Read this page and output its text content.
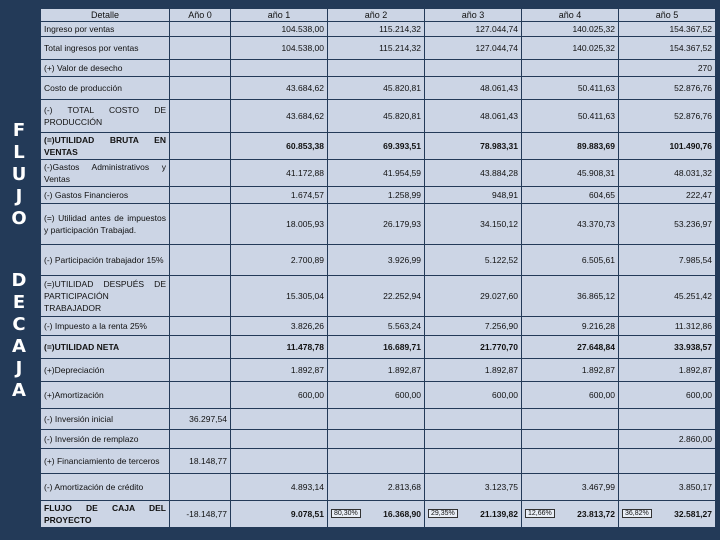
F
L
U
J
O
D
E
C
A
J
A
Detalle	Año 0	año 1	año 2	año 3	año 4	año 5
Ingreso por ventas		104.538,00	115.214,32	127.044,74	140.025,32	154.367,52
Total ingresos por ventas		104.538,00	115.214,32	127.044,74	140.025,32	154.367,52
(+) Valor de desecho						270
Costo de producción		43.684,62	45.820,81	48.061,43	50.411,63	52.876,76
(-) TOTAL COSTO DE PRODUCCIÓN		43.684,62	45.820,81	48.061,43	50.411,63	52.876,76
(=)UTILIDAD BRUTA EN VENTAS		60.853,38	69.393,51	78.983,31	89.883,69	101.490,76
(-)Gastos Administrativos y Ventas		41.172,88	41.954,59	43.884,28	45.908,31	48.031,32
(-) Gastos Financieros		1.674,57	1.258,99	948,91	604,65	222,47
(=) Utilidad antes de impuestos y participación Trabajad.		18.005,93	26.179,93	34.150,12	43.370,73	53.236,97
(-) Participación trabajador 15%		2.700,89	3.926,99	5.122,52	6.505,61	7.985,54
(=)UTILIDAD DESPUÉS DE PARTICIPACIÓN TRABAJADOR		15.305,04	22.252,94	29.027,60	36.865,12	45.251,42
(-) Impuesto a la renta 25%		3.826,26	5.563,24	7.256,90	9.216,28	11.312,86
(=)UTILIDAD NETA		11.478,78	16.689,71	21.770,70	27.648,84	33.938,57
(+)Depreciación		1.892,87	1.892,87	1.892,87	1.892,87	1.892,87
(+)Amortización		600,00	600,00	600,00	600,00	600,00
(-) Inversión inicial	36.297,54					
(-) Inversión de remplazo						2.860,00
(+) Financiamiento de terceros	18.148,77					
(-) Amortización de crédito		4.893,14	2.813,68	3.123,75	3.467,99	3.850,17
FLUJO DE CAJA DEL PROYECTO	-18.148,77	9.078,51	80,30% 16.368,90	29,35% 21.139,82	12,66% 23.813,72	36,82% 32.581,27
